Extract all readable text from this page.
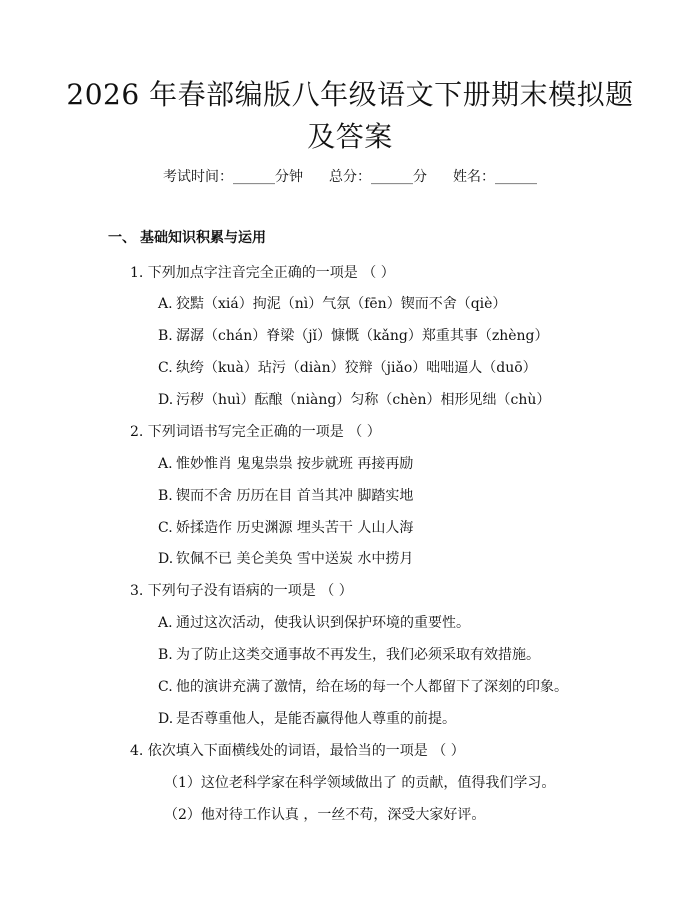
2026 年春部编版八年级语文下册期末模拟题
及答案
考试时间：______分钟 总分：______分 姓名：______
一、 基础知识积累与运用
1. 下列加点字注音完全正确的一项是 （ ）
A. 狡黠（xiá）拘泥（nì）气氛（fēn）锲而不舍（qiè）
B. 潺潺（chán）脊梁（jǐ）慷慨（kǎng）郑重其事（zhèng）
C. 纨绔（kuà）玷污（diàn）狡辩（jiǎo）咄咄逼人（duō）
D. 污秽（huì）酝酿（niàng）匀称（chèn）相形见绌（chù）
2. 下列词语书写完全正确的一项是 （ ）
A. 惟妙惟肖 鬼鬼祟祟 按步就班 再接再励
B. 锲而不舍 历历在目 首当其冲 脚踏实地
C. 娇揉造作 历史渊源 埋头苦干 人山人海
D. 钦佩不已 美仑美奂 雪中送炭 水中捞月
3. 下列句子没有语病的一项是 （ ）
A. 通过这次活动，使我认识到保护环境的重要性。
B. 为了防止这类交通事故不再发生，我们必须采取有效措施。
C. 他的演讲充满了激情，给在场的每一个人都留下了深刻的印象。
D. 是否尊重他人，是能否赢得他人尊重的前提。
4. 依次填入下面横线处的词语，最恰当的一项是 （ ）
（1）这位老科学家在科学领域做出了 的贡献，值得我们学习。
（2）他对待工作认真 ，一丝不苟，深受大家好评。
